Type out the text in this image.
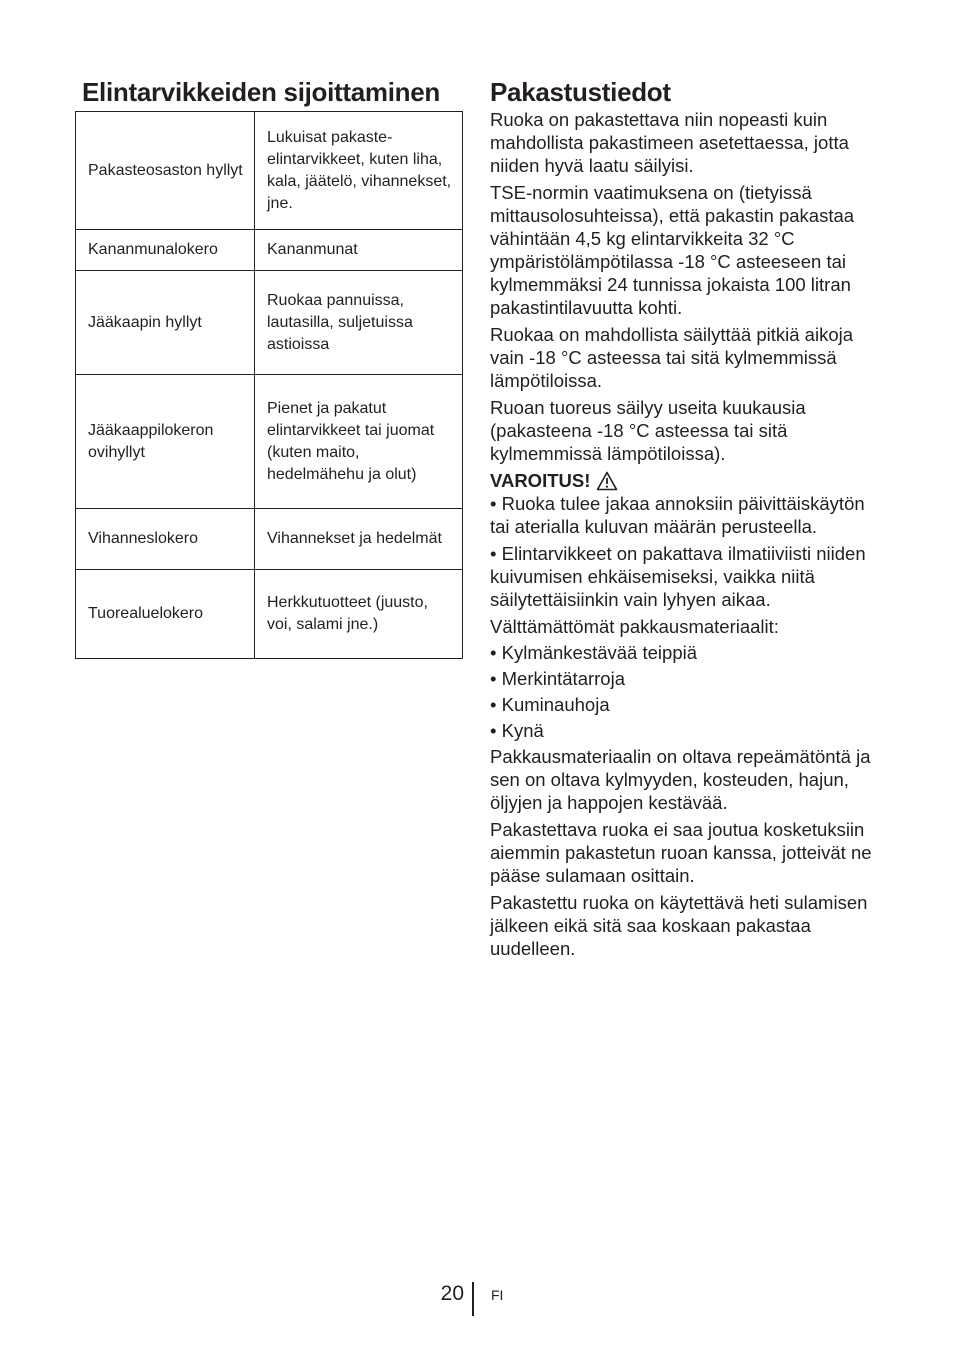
Elintarvikkeiden sijoittaminen
Pakasteosaston hyllyt	Lukuisat pakaste-elintarvikkeet, kuten liha, kala, jäätelö, vihannekset, jne.
Kananmunalokero	Kananmunat
Jääkaapin hyllyt	Ruokaa pannuissa, lautasilla, suljetuissa astioissa
Jääkaappilokeron ovihyllyt	Pienet ja pakatut elintarvikkeet tai juomat (kuten maito, hedelmähehu ja olut)
Vihanneslokero	Vihannekset ja hedelmät
Tuorealuelokero	Herkkutuotteet (juusto, voi, salami jne.)
Pakastustiedot

Ruoka on pakastettava niin nopeasti kuin mahdollista pakastimeen asetettaessa, jotta niiden hyvä laatu säilyisi.

TSE-normin vaatimuksena on (tietyissä mittausolosuhteissa), että pakastin pakastaa vähintään 4,5 kg elintarvikkeita 32 °C ympäristölämpötilassa -18 °C asteeseen tai kylmemmäksi 24 tunnissa jokaista 100 litran pakastintilavuutta kohti.

Ruokaa on mahdollista säilyttää pitkiä aikoja vain -18 °C asteessa tai sitä kylmemmissä lämpötiloissa.

Ruoan tuoreus säilyy useita kuukausia (pakasteena -18 °C asteessa tai sitä kylmemmissä lämpötiloissa).

VAROITUS!

• Ruoka tulee jakaa annoksiin päivittäiskäytön tai aterialla kuluvan määrän perusteella.

• Elintarvikkeet on pakattava ilmatiiviisti niiden kuivumisen ehkäisemiseksi, vaikka niitä säilytettäisiinkin vain lyhyen aikaa.

Välttämättömät pakkausmateriaalit:

• Kylmänkestävää teippiä

• Merkintätarroja

• Kuminauhoja

• Kynä

Pakkausmateriaalin on oltava repeämätöntä ja sen on oltava kylmyyden, kosteuden, hajun, öljyjen ja happojen kestävää.

Pakastettava ruoka ei saa joutua kosketuksiin aiemmin pakastetun ruoan kanssa, jotteivät ne pääse sulamaan osittain.

Pakastettu ruoka on käytettävä heti sulamisen jälkeen eikä sitä saa koskaan pakastaa uudelleen.

20 FI
